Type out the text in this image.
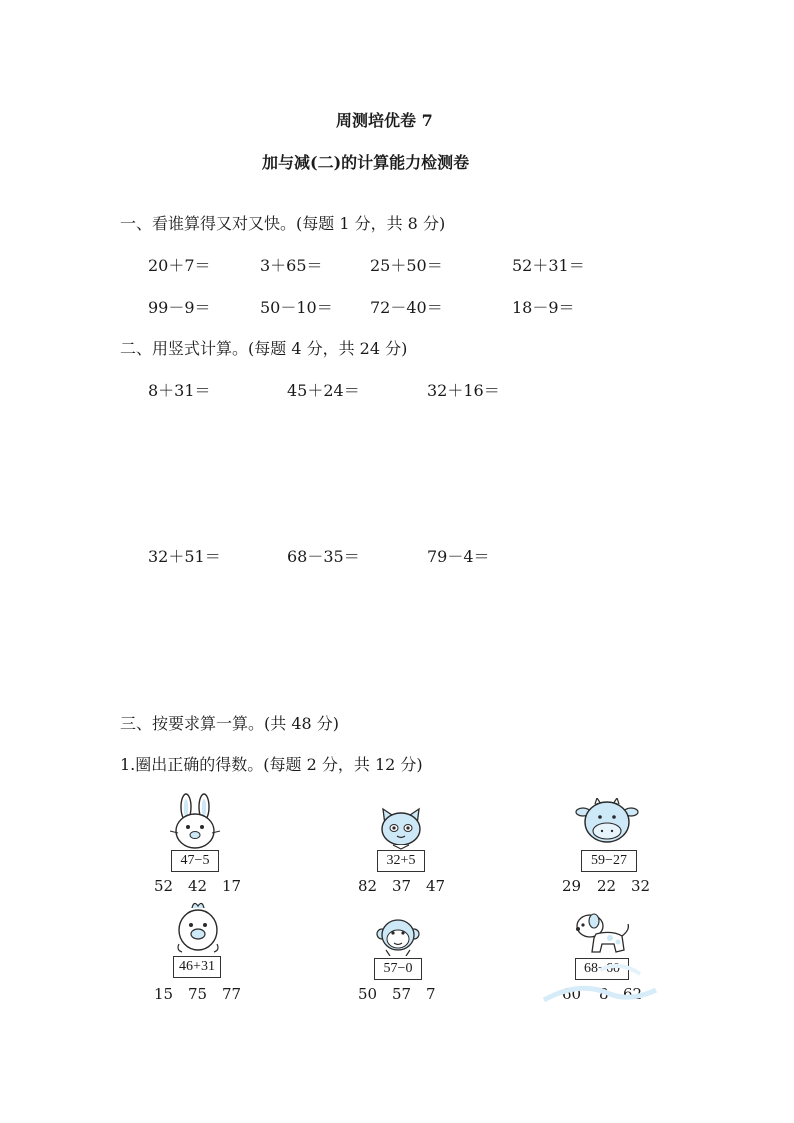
周测培优卷 7
加与减(二)的计算能力检测卷
一、看谁算得又对又快。(每题 1 分，共 8 分)
20＋7＝	3＋65＝	25＋50＝	52＋31＝
99－9＝	50－10＝ 72－40＝	18－9＝
二、用竖式计算。(每题 4 分，共 24 分)
8＋31＝	45＋24＝	32＋16＝
32＋51＝	68－35＝	79－4＝
三、按要求算一算。(共 48 分)
1.圈出正确的得数。(每题 2 分，共 12 分)
47−5
52 42 17
32+5
82 37 47
59−27
29 22 32
46+31
15 75 77
57−0
50 57 7
68−60
60 8 62
